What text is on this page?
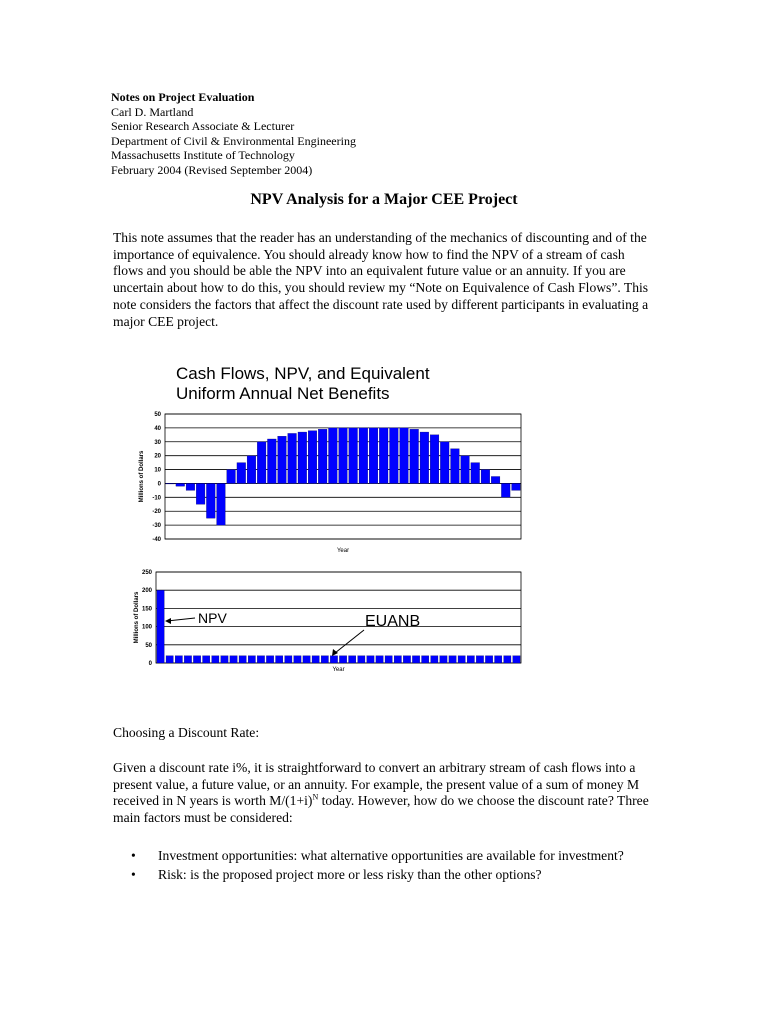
Notes on Project Evaluation
Carl D. Martland
Senior Research Associate & Lecturer
Department of Civil & Environmental Engineering
Massachusetts Institute of Technology
February 2004 (Revised September 2004)
NPV Analysis for a Major CEE Project
This note assumes that the reader has an understanding of the mechanics of discounting and of the importance of equivalence. You should already know how to find the NPV of a stream of cash flows and you should be able the NPV into an equivalent future value or an annuity. If you are uncertain about how to do this, you should review my “Note on Equivalence of Cash Flows”. This note considers the factors that affect the discount rate used by different participants in evaluating a major CEE project.
Cash Flows, NPV, and Equivalent Uniform Annual Net Benefits
50
40
30
20
10
0
-10
-20
-30
-40
Year
Millions of Dollars
250
200
150
100
50
0
Year
Millions of Dollars	NPV	EUANB
Choosing a Discount Rate:
Given a discount rate i%, it is straightforward to convert an arbitrary stream of cash flows into a present value, a future value, or an annuity. For example, the present value of a sum of money M received in N years is worth $M/(1+i)^N$ today. However, how do we choose the discount rate? Three main factors must be considered:
• Investment opportunities: what alternative opportunities are available for investment?
• Risk: is the proposed project more or less risky than the other options?
